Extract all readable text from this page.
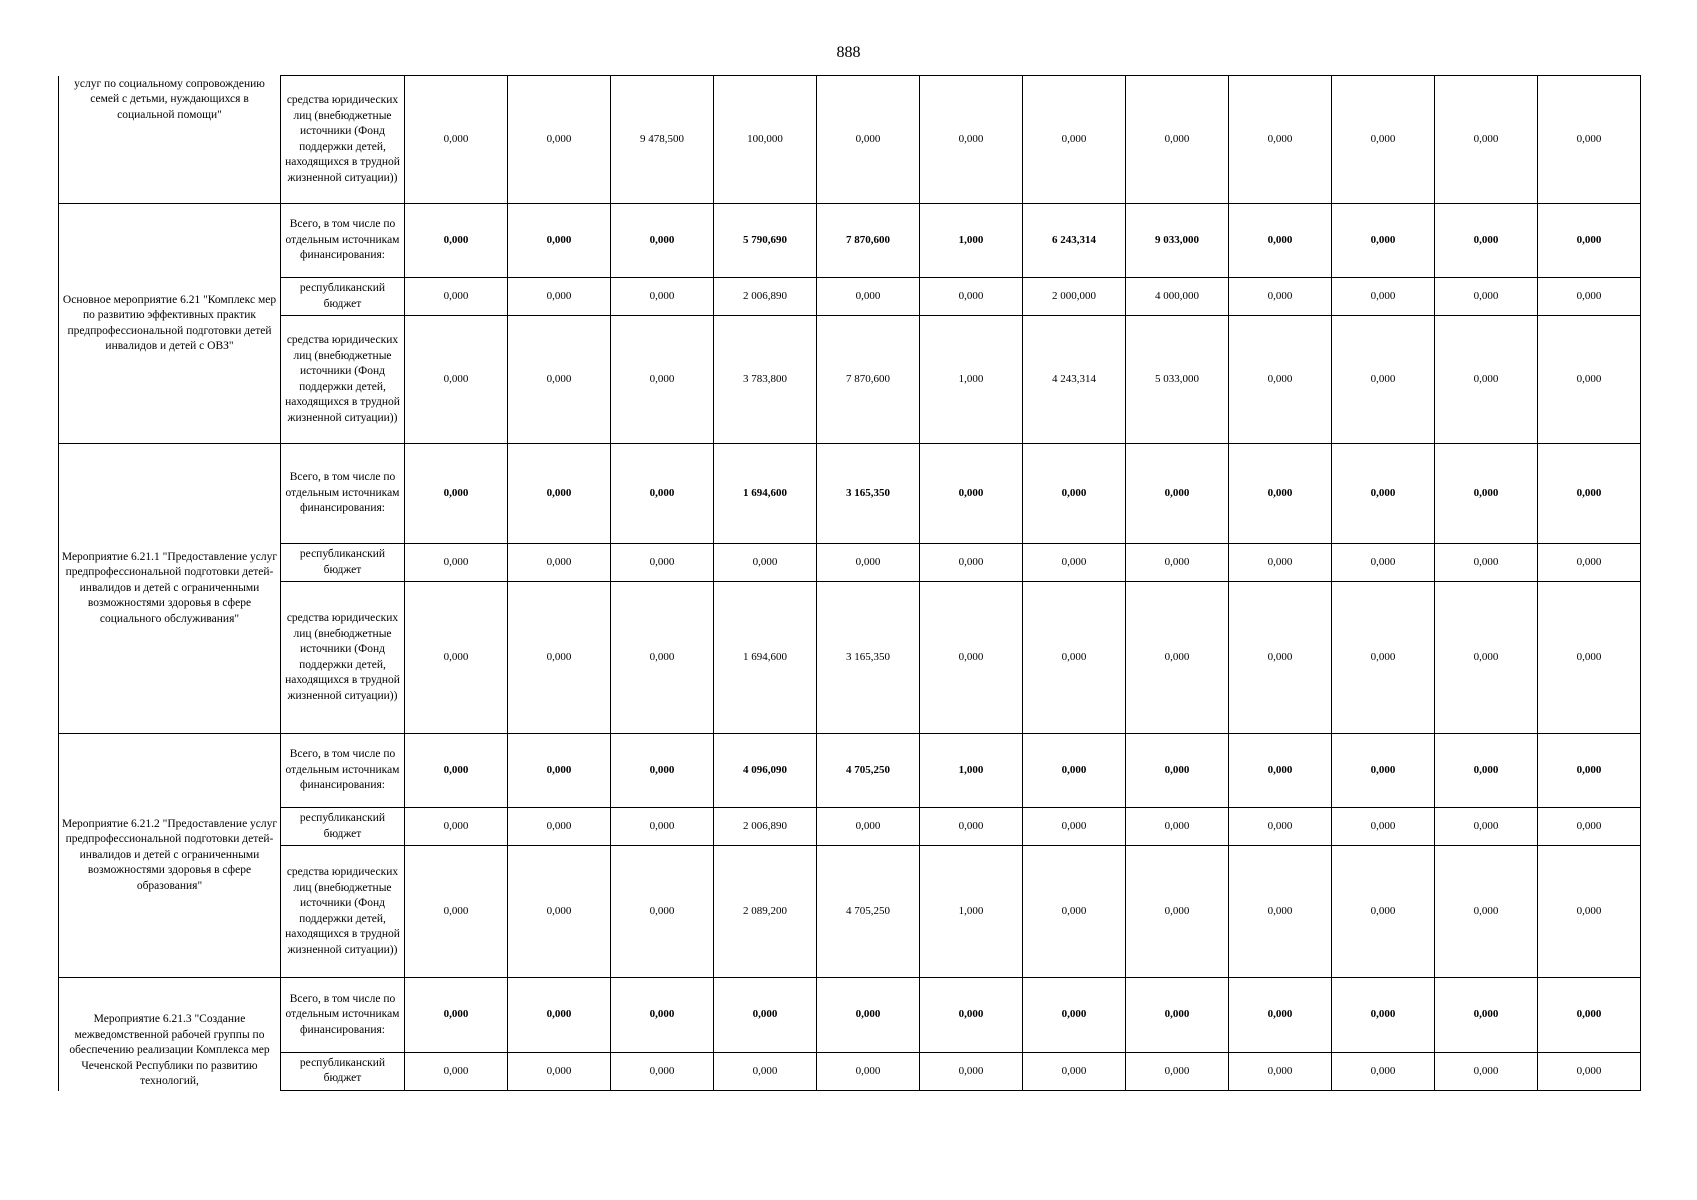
888
услуг по социальному сопровождению семей с детьми, нуждающихся в социальной помощи"	средства юридических лиц (внебюджетные источники (Фонд поддержки детей, находящихся в трудной жизненной ситуации))	0,000	0,000	9 478,500	100,000	0,000	0,000	0,000	0,000	0,000	0,000	0,000	0,000
Основное мероприятие 6.21 "Комплекс мер по развитию эффективных практик предпрофессиональной подготовки детей инвалидов и детей с ОВЗ"	Всего, в том числе по отдельным источникам финансирования:	0,000	0,000	0,000	5 790,690	7 870,600	1,000	6 243,314	9 033,000	0,000	0,000	0,000	0,000
	республиканский бюджет	0,000	0,000	0,000	2 006,890	0,000	0,000	2 000,000	4 000,000	0,000	0,000	0,000	0,000
	средства юридических лиц (внебюджетные источники (Фонд поддержки детей, находящихся в трудной жизненной ситуации))	0,000	0,000	0,000	3 783,800	7 870,600	1,000	4 243,314	5 033,000	0,000	0,000	0,000	0,000
Мероприятие 6.21.1 "Предоставление услуг предпрофессиональной подготовки детей-инвалидов и детей с ограниченными возможностями здоровья в сфере социального обслуживания"	Всего, в том числе по отдельным источникам финансирования:	0,000	0,000	0,000	1 694,600	3 165,350	0,000	0,000	0,000	0,000	0,000	0,000	0,000
	республиканский бюджет	0,000	0,000	0,000	0,000	0,000	0,000	0,000	0,000	0,000	0,000	0,000	0,000
	средства юридических лиц (внебюджетные источники (Фонд поддержки детей, находящихся в трудной жизненной ситуации))	0,000	0,000	0,000	1 694,600	3 165,350	0,000	0,000	0,000	0,000	0,000	0,000	0,000
Мероприятие 6.21.2 "Предоставление услуг предпрофессиональной подготовки детей-инвалидов и детей с ограниченными возможностями здоровья в сфере образования"	Всего, в том числе по отдельным источникам финансирования:	0,000	0,000	0,000	4 096,090	4 705,250	1,000	0,000	0,000	0,000	0,000	0,000	0,000
	республиканский бюджет	0,000	0,000	0,000	2 006,890	0,000	0,000	0,000	0,000	0,000	0,000	0,000	0,000
	средства юридических лиц (внебюджетные источники (Фонд поддержки детей, находящихся в трудной жизненной ситуации))	0,000	0,000	0,000	2 089,200	4 705,250	1,000	0,000	0,000	0,000	0,000	0,000	0,000
Мероприятие 6.21.3 "Создание межведомственной рабочей группы по обеспечению реализации Комплекса мер Чеченской Республики по развитию технологий,	Всего, в том числе по отдельным источникам финансирования:	0,000	0,000	0,000	0,000	0,000	0,000	0,000	0,000	0,000	0,000	0,000	0,000
	республиканский бюджет	0,000	0,000	0,000	0,000	0,000	0,000	0,000	0,000	0,000	0,000	0,000	0,000
